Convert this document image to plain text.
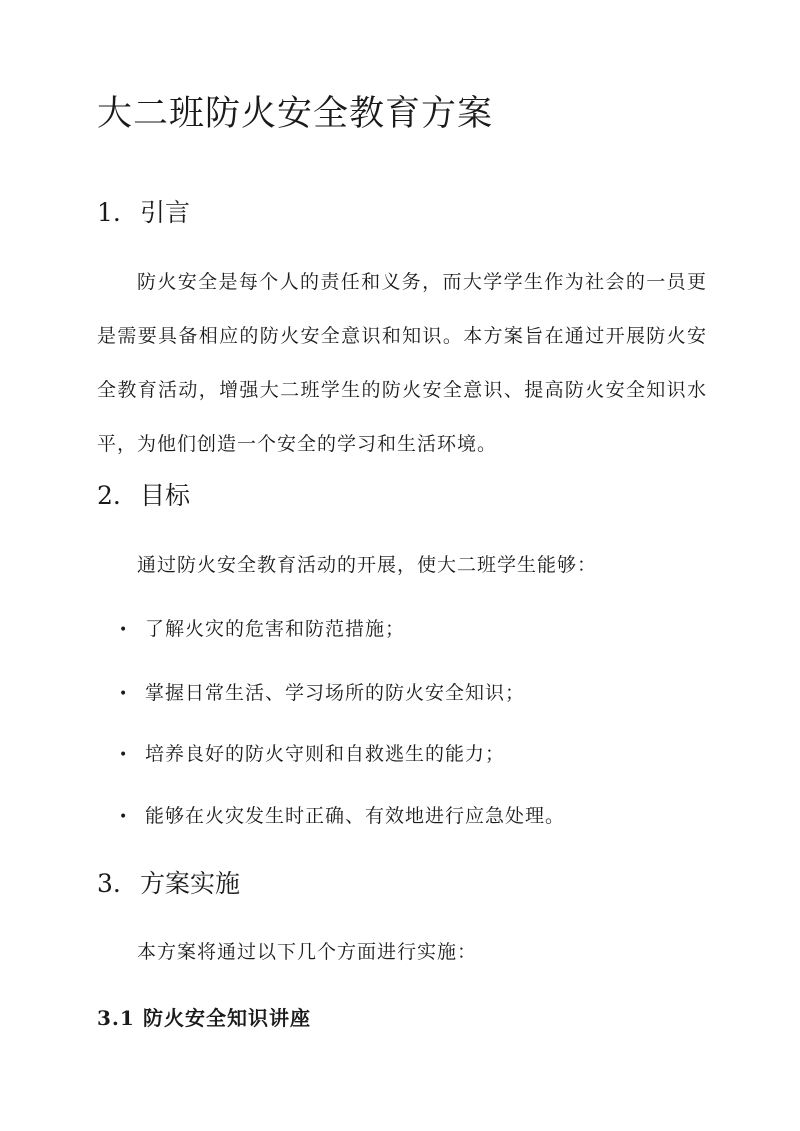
大二班防火安全教育方案
1. 引言

防火安全是每个人的责任和义务，而大学学生作为社会的一员更是需要具备相应的防火安全意识和知识。本方案旨在通过开展防火安全教育活动，增强大二班学生的防火安全意识、提高防火安全知识水平，为他们创造一个安全的学习和生活环境。

2. 目标

通过防火安全教育活动的开展，使大二班学生能够：

• 了解火灾的危害和防范措施；

• 掌握日常生活、学习场所的防火安全知识；

• 培养良好的防火守则和自救逃生的能力；

• 能够在火灾发生时正确、有效地进行应急处理。

3. 方案实施

本方案将通过以下几个方面进行实施：

3.1 防火安全知识讲座
